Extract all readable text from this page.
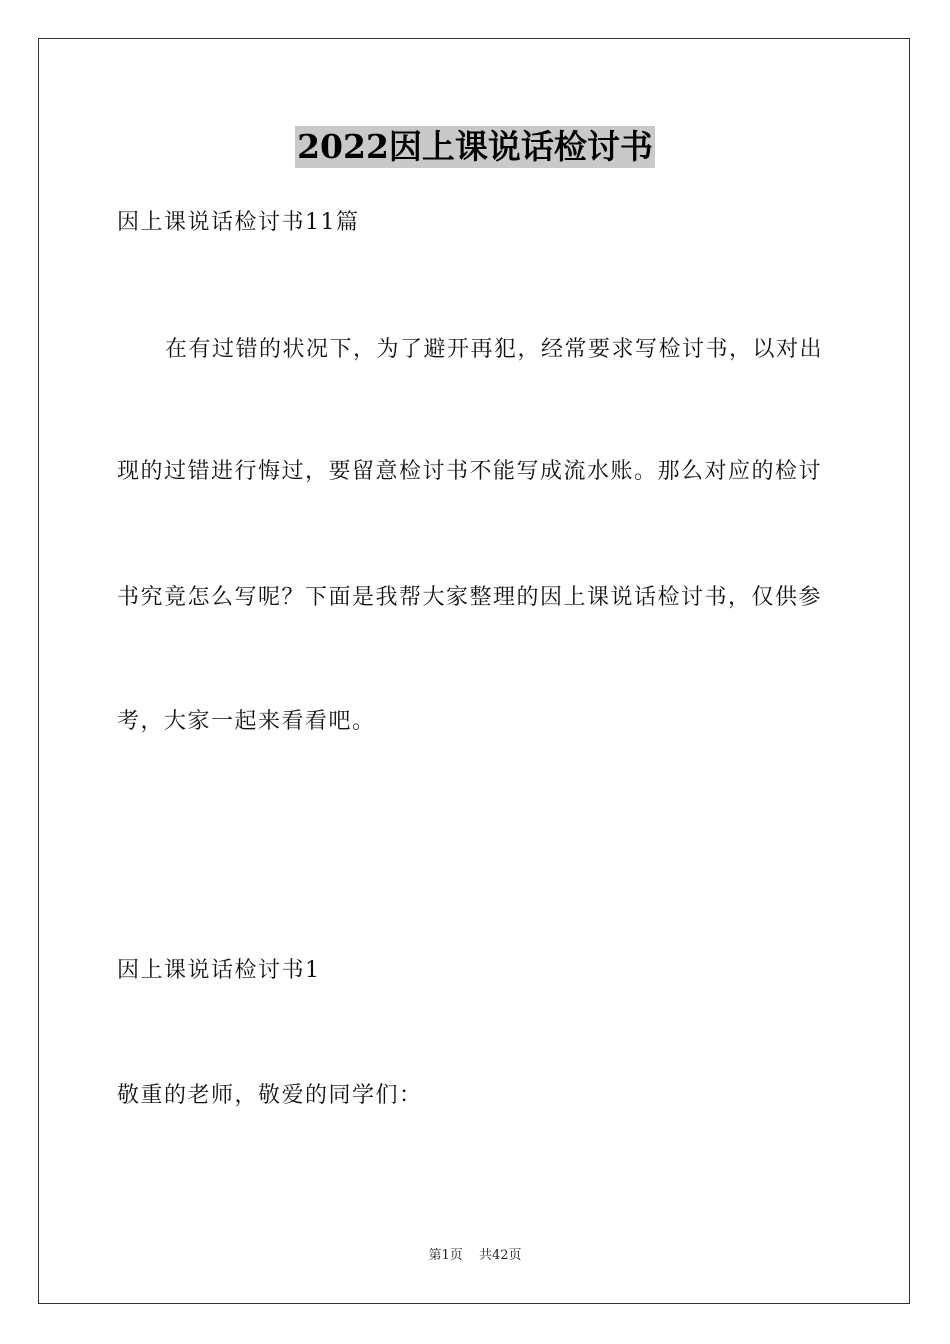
2022因上课说话检讨书
因上课说话检讨书11篇
在有过错的状况下，为了避开再犯，经常要求写检讨书，以对出
现的过错进行悔过，要留意检讨书不能写成流水账。那么对应的检讨
书究竟怎么写呢？下面是我帮大家整理的因上课说话检讨书，仅供参
考，大家一起来看看吧。
因上课说话检讨书1
敬重的老师，敬爱的同学们：
第1页 共42页
